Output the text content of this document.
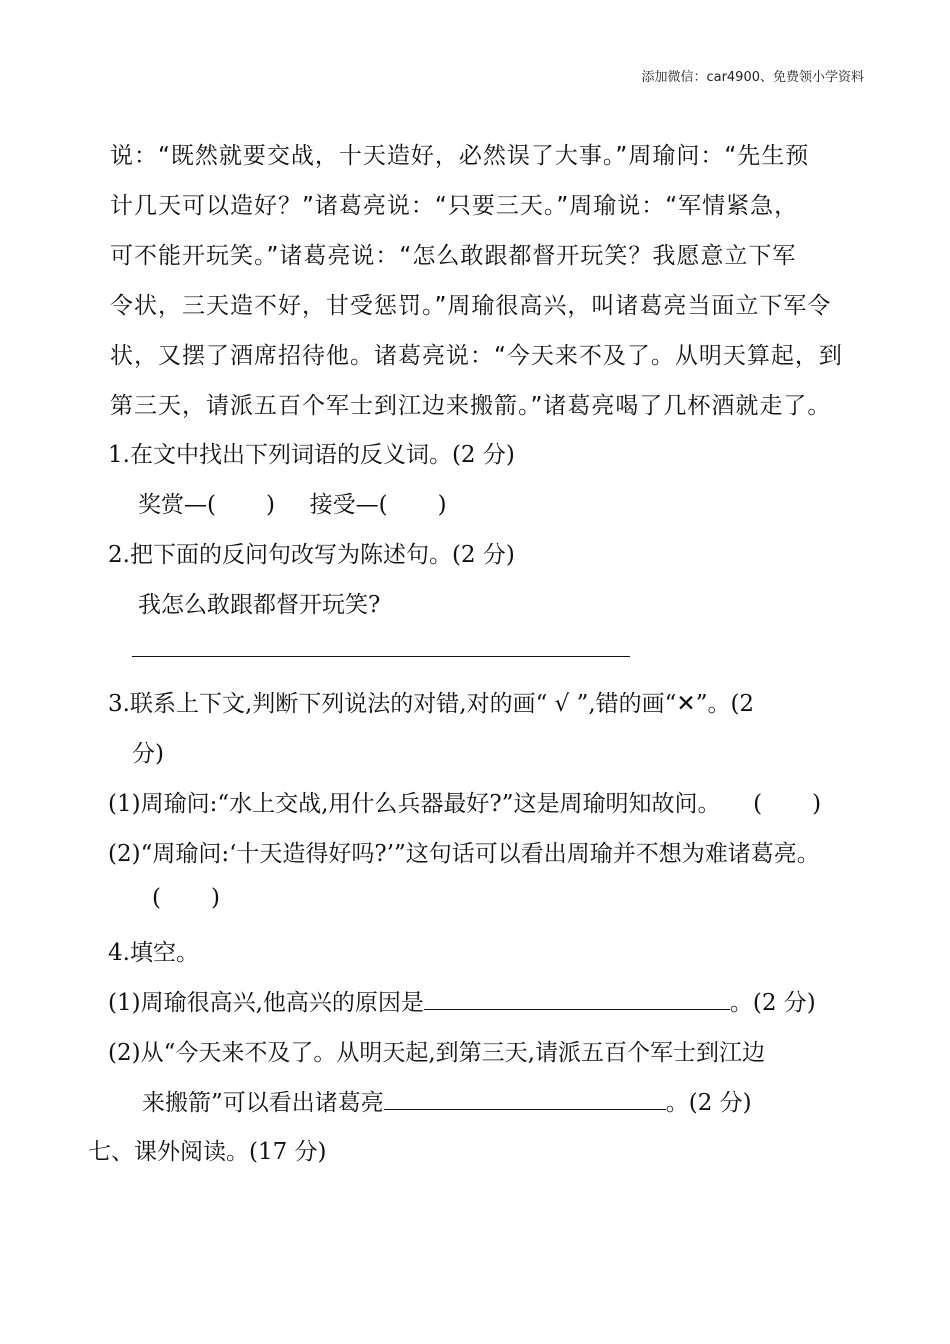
添加微信：car4900、免费领小学资料
说：“既然就要交战，十天造好，必然误了大事。”周瑜问：“先生预
计几天可以造好？”诸葛亮说：“只要三天。”周瑜说：“军情紧急，
可不能开玩笑。”诸葛亮说：“怎么敢跟都督开玩笑？我愿意立下军
令状，三天造不好，甘受惩罚。”周瑜很高兴，叫诸葛亮当面立下军令
状，又摆了酒席招待他。诸葛亮说：“今天来不及了。从明天算起，到
第三天，请派五百个军士到江边来搬箭。”诸葛亮喝了几杯酒就走了。
1.在文中找出下列词语的反义词。(2 分)
奖赏—( ) 接受—( )
2.把下面的反问句改写为陈述句。(2 分)
我怎么敢跟都督开玩笑?
3.联系上下文,判断下列说法的对错,对的画“ √ ”,错的画“✕”。(2
分)
(1)周瑜问:“水上交战,用什么兵器最好?”这是周瑜明知故问。 ( )
(2)“周瑜问:‘十天造得好吗?’”这句话可以看出周瑜并不想为难诸葛亮。
( )
4.填空。
(1)周瑜很高兴,他高兴的原因是	。(2 分)
(2)从“今天来不及了。从明天起,到第三天,请派五百个军士到江边
来搬箭”可以看出诸葛亮	。(2 分)
七、课外阅读。(17 分)
